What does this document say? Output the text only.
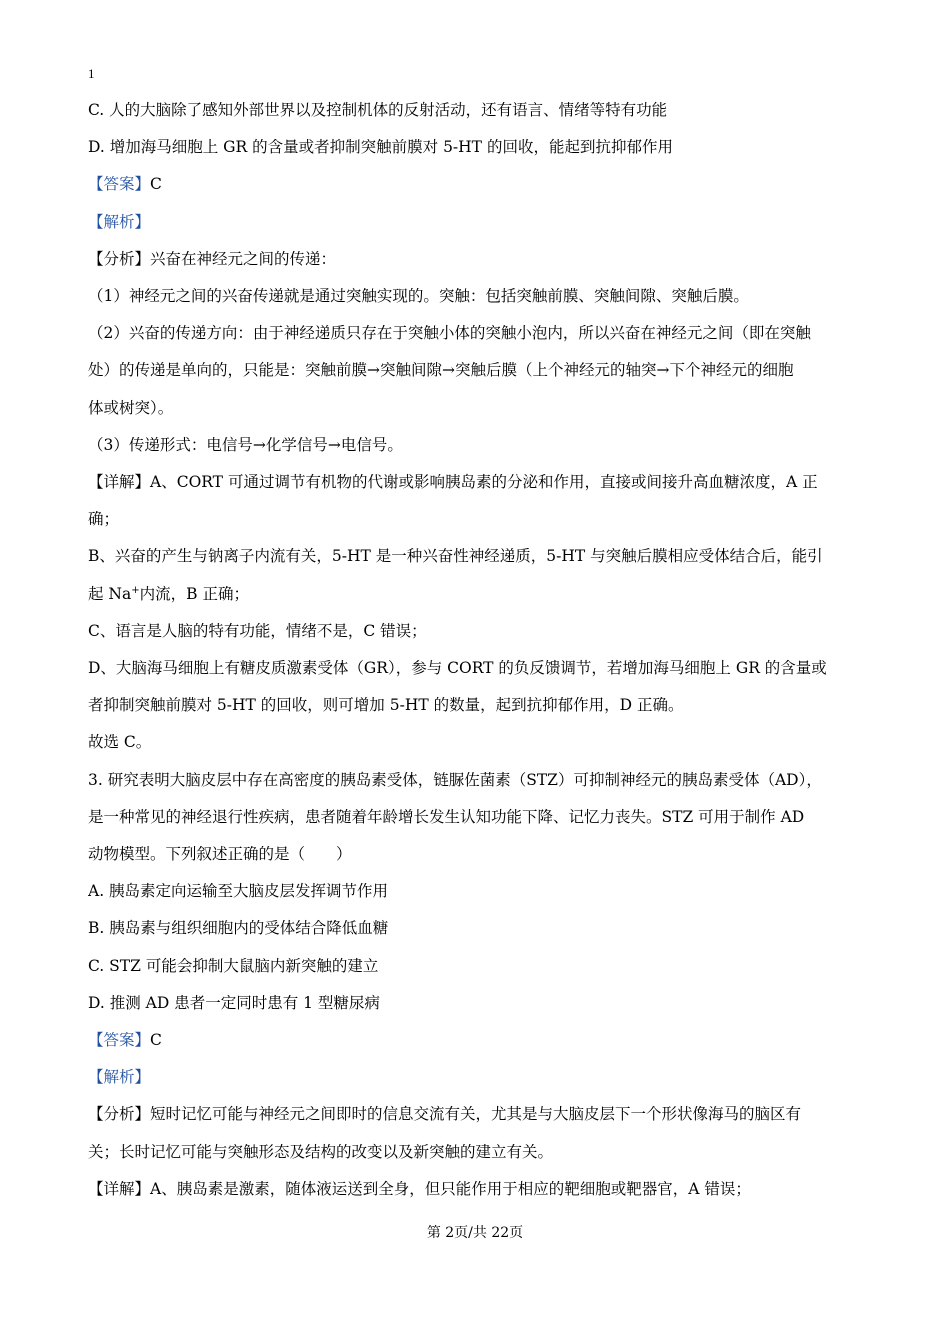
1
C. 人的大脑除了感知外部世界以及控制机体的反射活动，还有语言、情绪等特有功能
D. 增加海马细胞上 GR 的含量或者抑制突触前膜对 5-HT 的回收，能起到抗抑郁作用
【答案】C
【解析】
【分析】兴奋在神经元之间的传递：
（1）神经元之间的兴奋传递就是通过突触实现的。突触：包括突触前膜、突触间隙、突触后膜。
（2）兴奋的传递方向：由于神经递质只存在于突触小体的突触小泡内，所以兴奋在神经元之间（即在突触
处）的传递是单向的，只能是：突触前膜→突触间隙→突触后膜（上个神经元的轴突→下个神经元的细胞
体或树突）。
（3）传递形式：电信号→化学信号→电信号。
【详解】A、CORT 可通过调节有机物的代谢或影响胰岛素的分泌和作用，直接或间接升高血糖浓度，A 正
确；
B、兴奋的产生与钠离子内流有关，5-HT 是一种兴奋性神经递质，5-HT 与突触后膜相应受体结合后，能引
起 Na+内流，B 正确；
C、语言是人脑的特有功能，情绪不是，C 错误；
D、大脑海马细胞上有糖皮质激素受体（GR），参与 CORT 的负反馈调节，若增加海马细胞上 GR 的含量或
者抑制突触前膜对 5-HT 的回收，则可增加 5-HT 的数量，起到抗抑郁作用，D 正确。
故选 C。
3. 研究表明大脑皮层中存在高密度的胰岛素受体，链脲佐菌素（STZ）可抑制神经元的胰岛素受体（AD），
是一种常见的神经退行性疾病，患者随着年龄增长发生认知功能下降、记忆力丧失。STZ 可用于制作 AD
动物模型。下列叙述正确的是（　　）
A. 胰岛素定向运输至大脑皮层发挥调节作用
B. 胰岛素与组织细胞内的受体结合降低血糖
C. STZ 可能会抑制大鼠脑内新突触的建立
D. 推测 AD 患者一定同时患有 1 型糖尿病
【答案】C
【解析】
【分析】短时记忆可能与神经元之间即时的信息交流有关，尤其是与大脑皮层下一个形状像海马的脑区有
关；长时记忆可能与突触形态及结构的改变以及新突触的建立有关。
【详解】A、胰岛素是激素，随体液运送到全身，但只能作用于相应的靶细胞或靶器官，A 错误；
第 2页/共 22页
